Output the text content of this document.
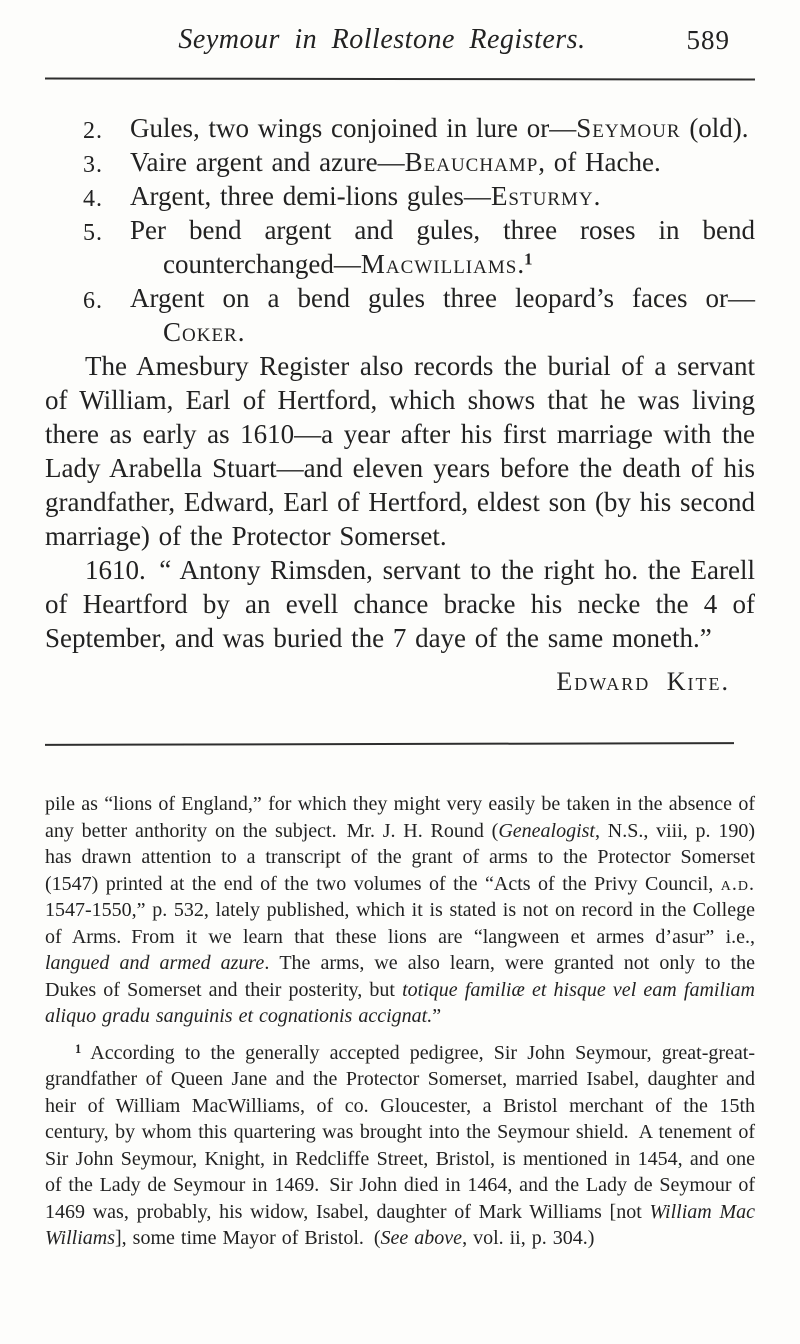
Seymour in Rollestone Registers.	589
2. Gules, two wings conjoined in lure or—Seymour (old).
3. Vaire argent and azure—Beauchamp, of Hache.
4. Argent, three demi-lions gules—Esturmy.
5. Per bend argent and gules, three roses in bend counterchanged—Macwilliams.$^1$
6. Argent on a bend gules three leopard’s faces or—Coker.

The Amesbury Register also records the burial of a servant of William, Earl of Hertford, which shows that he was living there as early as 1610—a year after his first marriage with the Lady Arabella Stuart—and eleven years before the death of his grandfather, Edward, Earl of Hertford, eldest son (by his second marriage) of the Protector Somerset.

1610. “ Antony Rimsden, servant to the right ho. the Earell of Heartford by an evell chance bracke his necke the 4 of September, and was buried the 7 daye of the same moneth.”

Edward Kite.

pile as “lions of England,” for which they might very easily be taken in the absence of any better anthority on the subject. Mr. J. H. Round (Genealogist, N.S., viii, p. 190) has drawn attention to a transcript of the grant of arms to the Protector Somerset (1547) printed at the end of the two volumes of the “Acts of the Privy Council, a.d. 1547-1550,” p. 532, lately published, which it is stated is not on record in the College of Arms. From it we learn that these lions are “langween et armes d’asur” i.e., langued and armed azure. The arms, we also learn, were granted not only to the Dukes of Somerset and their posterity, but totique familiæ et hisque vel eam familiam aliquo gradu sanguinis et cognationis accignat.”

$^1$ According to the generally accepted pedigree, Sir John Seymour, great-great-grandfather of Queen Jane and the Protector Somerset, married Isabel, daughter and heir of William MacWilliams, of co. Gloucester, a Bristol merchant of the 15th century, by whom this quartering was brought into the Seymour shield. A tenement of Sir John Seymour, Knight, in Redcliffe Street, Bristol, is mentioned in 1454, and one of the Lady de Seymour in 1469. Sir John died in 1464, and the Lady de Seymour of 1469 was, probably, his widow, Isabel, daughter of Mark Williams [not William Mac Williams], some time Mayor of Bristol. (See above, vol. ii, p. 304.)
